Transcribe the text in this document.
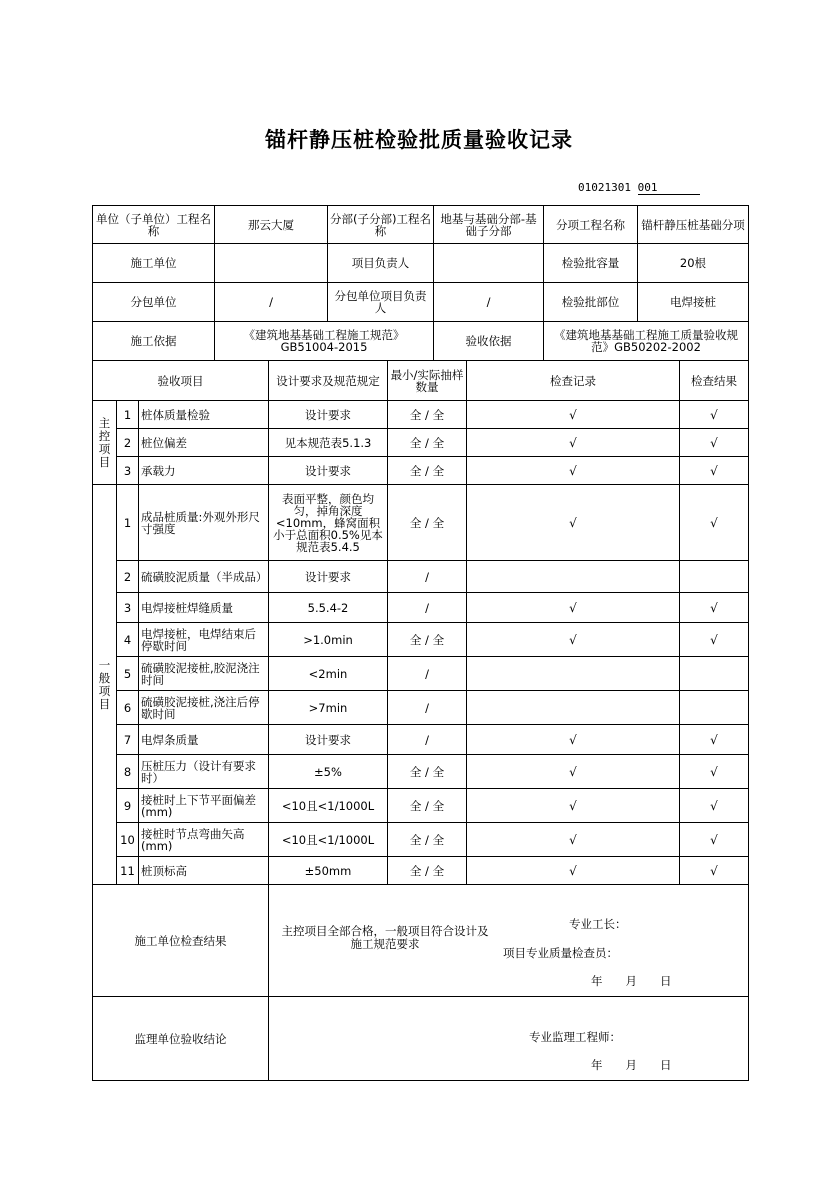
锚杆静压桩检验批质量验收记录
01021301 001
单位（子单位）工程名称	那云大厦	分部(子分部)工程名称	地基与基础分部-基础子分部	分项工程名称	锚杆静压桩基础分项
施工单位		项目负责人		检验批容量	20根
分包单位	/	分包单位项目负责人	/	检验批部位	电焊接桩
施工依据	《建筑地基基础工程施工规范》GB51004-2015		验收依据	《建筑地基基础工程施工质量验收规范》GB50202-2002	
验收项目			设计要求及规范规定	最小/实际抽样数量	检查记录	检查结果
主控项目	1	桩体质量检验	设计要求	全 / 全	√	√
	2	桩位偏差	见本规范表5.1.3	全 / 全	√	√
	3	承载力	设计要求	全 / 全	√	√
一般项目	1	成品桩质量:外观外形尺寸强度	表面平整，颜色均匀，掉角深度<10mm，蜂窝面积小于总面积0.5%见本规范表5.4.5	全 / 全	√	√
	2	硫磺胶泥质量（半成品）	设计要求	/		
	3	电焊接桩焊缝质量	5.5.4-2	/	√	√
	4	电焊接桩，电焊结束后停歇时间	>1.0min	全 / 全	√	√
	5	硫磺胶泥接桩,胶泥浇注时间	<2min	/		
	6	硫磺胶泥接桩,浇注后停歇时间	>7min	/		
	7	电焊条质量	设计要求	/	√	√
	8	压桩压力（设计有要求时）	±5%	全 / 全	√	√
	9	接桩时上下节平面偏差(mm)	<10且<1/1000L	全 / 全	√	√
	10	接桩时节点弯曲矢高(mm)	<10且<1/1000L	全 / 全	√	√
	11	桩顶标高	±50mm	全 / 全	√	√
施工单位检查结果			主控项目全部合格，一般项目符合设计及施工规范要求
专业工长：
项目专业质量检查员：
年　　月　　日			

监理单位验收结论			专业监理工程师：
年　　月　　日			
